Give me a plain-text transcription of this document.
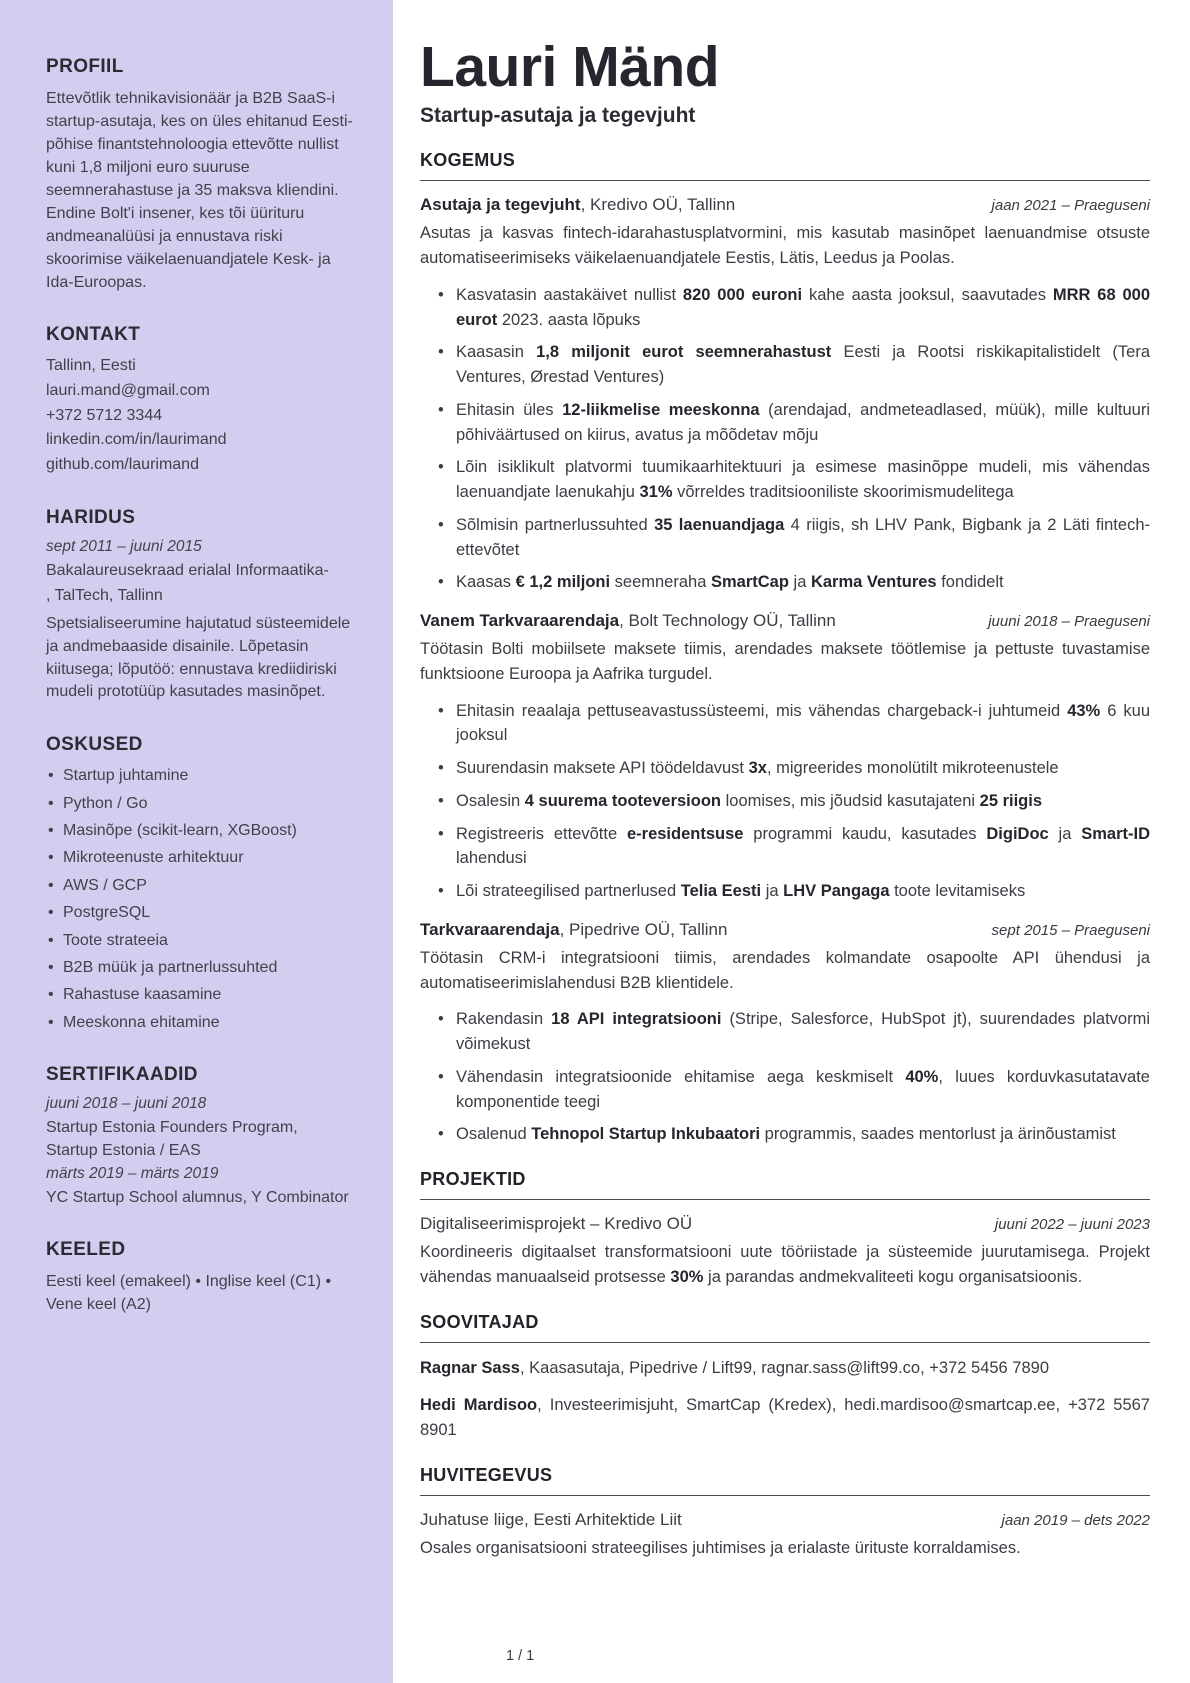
PROFIIL

Ettevõtlik tehnikavisionäär ja B2B SaaS-i startup-asutaja, kes on üles ehitanud Eesti-põhise finantstehnoloogia ettevõtte nullist kuni 1,8 miljoni euro suuruse seemnerahastuse ja 35 maksva kliendini. Endine Bolt'i insener, kes tõi üürituru andmeanalüüsi ja ennustava riski skoorimise väikelaenuandjatele Kesk- ja Ida-Euroopas.

KONTAKT

Tallinn, Eesti

lauri.mand@gmail.com

+372 5712 3344

linkedin.com/in/laurimand

github.com/laurimand

HARIDUS

sept 2011 – juuni 2015

Bakalaureusekraad erialal Informaatika-

, TalTech, Tallinn

Spetsialiseerumine hajutatud süsteemidele ja andmebaaside disainile. Lõpetasin kiitusega; lõputöö: ennustava krediidiriski mudeli prototüüp kasutades masinõpet.

OSKUSED
• Startup juhtamine
• Python / Go
• Masinõpe (scikit-learn, XGBoost)
• Mikroteenuste arhitektuur
• AWS / GCP
• PostgreSQL
• Toote strateeia
• B2B müük ja partnerlussuhted
• Rahastuse kaasamine
• Meeskonna ehitamine
SERTIFIKAADID

juuni 2018 – juuni 2018

Startup Estonia Founders Program, Startup Estonia / EAS

märts 2019 – märts 2019

YC Startup School alumnus, Y Combinator

KEELED

Eesti keel (emakeel) • Inglise keel (C1) • Vene keel (A2)

Lauri Mänd
Startup-asutaja ja tegevjuht
KOGEMUS
Asutaja ja tegevjuht, Kredivo OÜ, Tallinn	jaan 2021 – Praeguseni

Asutas ja kasvas fintech-idarahastusplatvormini, mis kasutab masinõpet laenuandmise otsuste automatiseerimiseks väikelaenuandjatele Eestis, Lätis, Leedus ja Poolas.

• Kasvatasin aastakäivet nullist 820 000 euroni kahe aasta jooksul, saavutades MRR 68 000 eurot 2023. aasta lõpuks
• Kaasasin 1,8 miljonit eurot seemnerahastust Eesti ja Rootsi riskikapitalistidelt (Tera Ventures, Ørestad Ventures)
• Ehitasin üles 12-liikmelise meeskonna (arendajad, andmeteadlased, müük), mille kultuuri põhiväärtused on kiirus, avatus ja mõõdetav mõju
• Lõin isiklikult platvormi tuumikaarhitektuuri ja esimese masinõppe mudeli, mis vähendas laenuandjate laenukahju 31% võrreldes traditsiooniliste skoorimismudelitega
• Sõlmisin partnerlussuhted 35 laenuandjaga 4 riigis, sh LHV Pank, Bigbank ja 2 Läti fintech-ettevõtet
• Kaasas € 1,2 miljoni seemneraha SmartCap ja Karma Ventures fondidelt
Vanem Tarkvaraarendaja, Bolt Technology OÜ, Tallinn	juuni 2018 – Praeguseni

Töötasin Bolti mobiilsete maksete tiimis, arendades maksete töötlemise ja pettuste tuvastamise funktsioone Euroopa ja Aafrika turgudel.

• Ehitasin reaalaja pettuseavastussüsteemi, mis vähendas chargeback-i juhtumeid 43% 6 kuu jooksul
• Suurendasin maksete API töödeldavust 3x, migreerides monolütilt mikroteenustele
• Osalesin 4 suurema tooteversioon loomises, mis jõudsid kasutajateni 25 riigis
• Registreeris ettevõtte e-residentsuse programmi kaudu, kasutades DigiDoc ja Smart-ID lahendusi
• Lõi strateegilised partnerlused Telia Eesti ja LHV Pangaga toote levitamiseks
Tarkvaraarendaja, Pipedrive OÜ, Tallinn	sept 2015 – Praeguseni

Töötasin CRM-i integratsiooni tiimis, arendades kolmandate osapoolte API ühendusi ja automatiseerimislahendusi B2B klientidele.

• Rakendasin 18 API integratsiooni (Stripe, Salesforce, HubSpot jt), suurendades platvormi võimekust
• Vähendasin integratsioonide ehitamise aega keskmiselt 40%, luues korduvkasutatavate komponentide teegi
• Osalenud Tehnopol Startup Inkubaatori programmis, saades mentorlust ja ärinõustamist
PROJEKTID
Digitaliseerimisprojekt – Kredivo OÜ	juuni 2022 – juuni 2023

Koordineeris digitaalset transformatsiooni uute tööriistade ja süsteemide juurutamisega. Projekt vähendas manuaalseid protsesse 30% ja parandas andmekvaliteeti kogu organisatsioonis.

SOOVITAJAD

Ragnar Sass, Kaasasutaja, Pipedrive / Lift99, ragnar.sass@lift99.co, +372 5456 7890

Hedi Mardisoo, Investeerimisjuht, SmartCap (Kredex), hedi.mardisoo@smartcap.ee, +372 5567 8901

HUVITEGEVUS
Juhatuse liige, Eesti Arhitektide Liit	jaan 2019 – dets 2022

Osales organisatsiooni strateegilises juhtimises ja erialaste ürituste korraldamises.

1 / 1
